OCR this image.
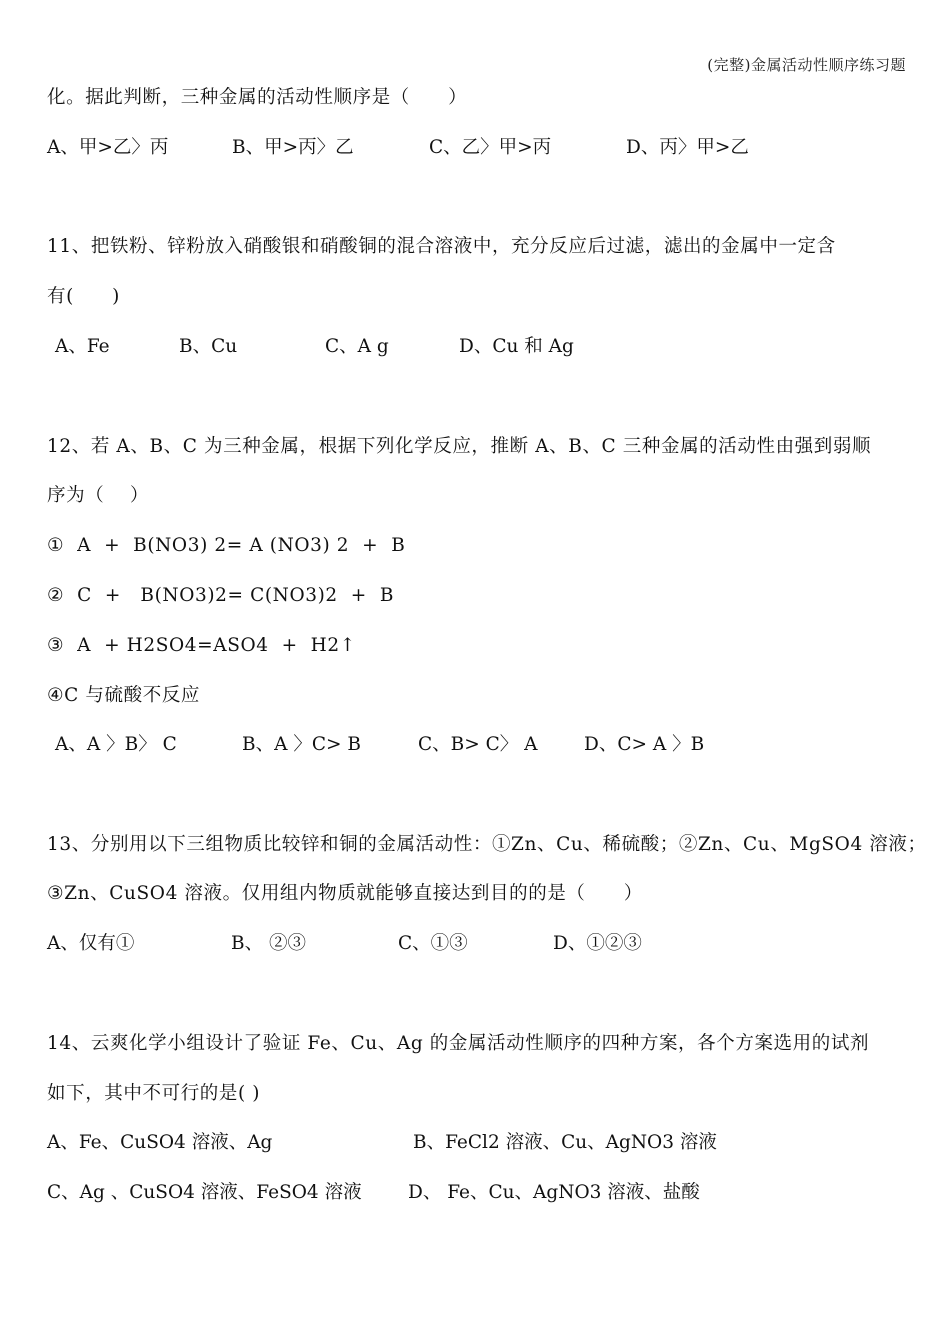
(完整)金属活动性顺序练习题
化。据此判断，三种金属的活动性顺序是（　　）

A、甲>乙〉丙

	B、甲>丙〉乙

	C、乙〉甲>丙

	D、丙〉甲>乙

11、把铁粉、锌粉放入硝酸银和硝酸铜的混合溶液中，充分反应后过滤，滤出的金属中一定含
有(　　)

A、Fe

	B、Cu

	C、A g

	D、Cu 和 Ag

12、若 A、B、C 为三种金属，根据下列化学反应，推断 A、B、C 三种金属的活动性由强到弱顺
序为（　 ）
①  A  +  B(NO3) 2= A (NO3) 2  +  B
②  C  +   B(NO3)2= C(NO3)2  +  B
③  A  + H2SO4=ASO4  +  H2↑
④C 与硫酸不反应

A、A 〉B〉 C

	B、A 〉C> B

	C、B> C〉 A

	D、C> A 〉B

13、分别用以下三组物质比较锌和铜的金属活动性：①Zn、Cu、稀硫酸；②Zn、Cu、MgSO4 溶液；
③Zn、CuSO4 溶液。仅用组内物质就能够直接达到目的的是（　　）

A、仅有①

	B、 ②③

	C、①③

	D、①②③

14、云爽化学小组设计了验证 Fe、Cu、Ag 的金属活动性顺序的四种方案，各个方案选用的试剂
如下，其中不可行的是( )

A、Fe、CuSO4 溶液、Ag

	B、FeCl2 溶液、Cu、AgNO3 溶液

C、Ag 、CuSO4 溶液、FeSO4 溶液

	D、 Fe、Cu、AgNO3 溶液、盐酸
